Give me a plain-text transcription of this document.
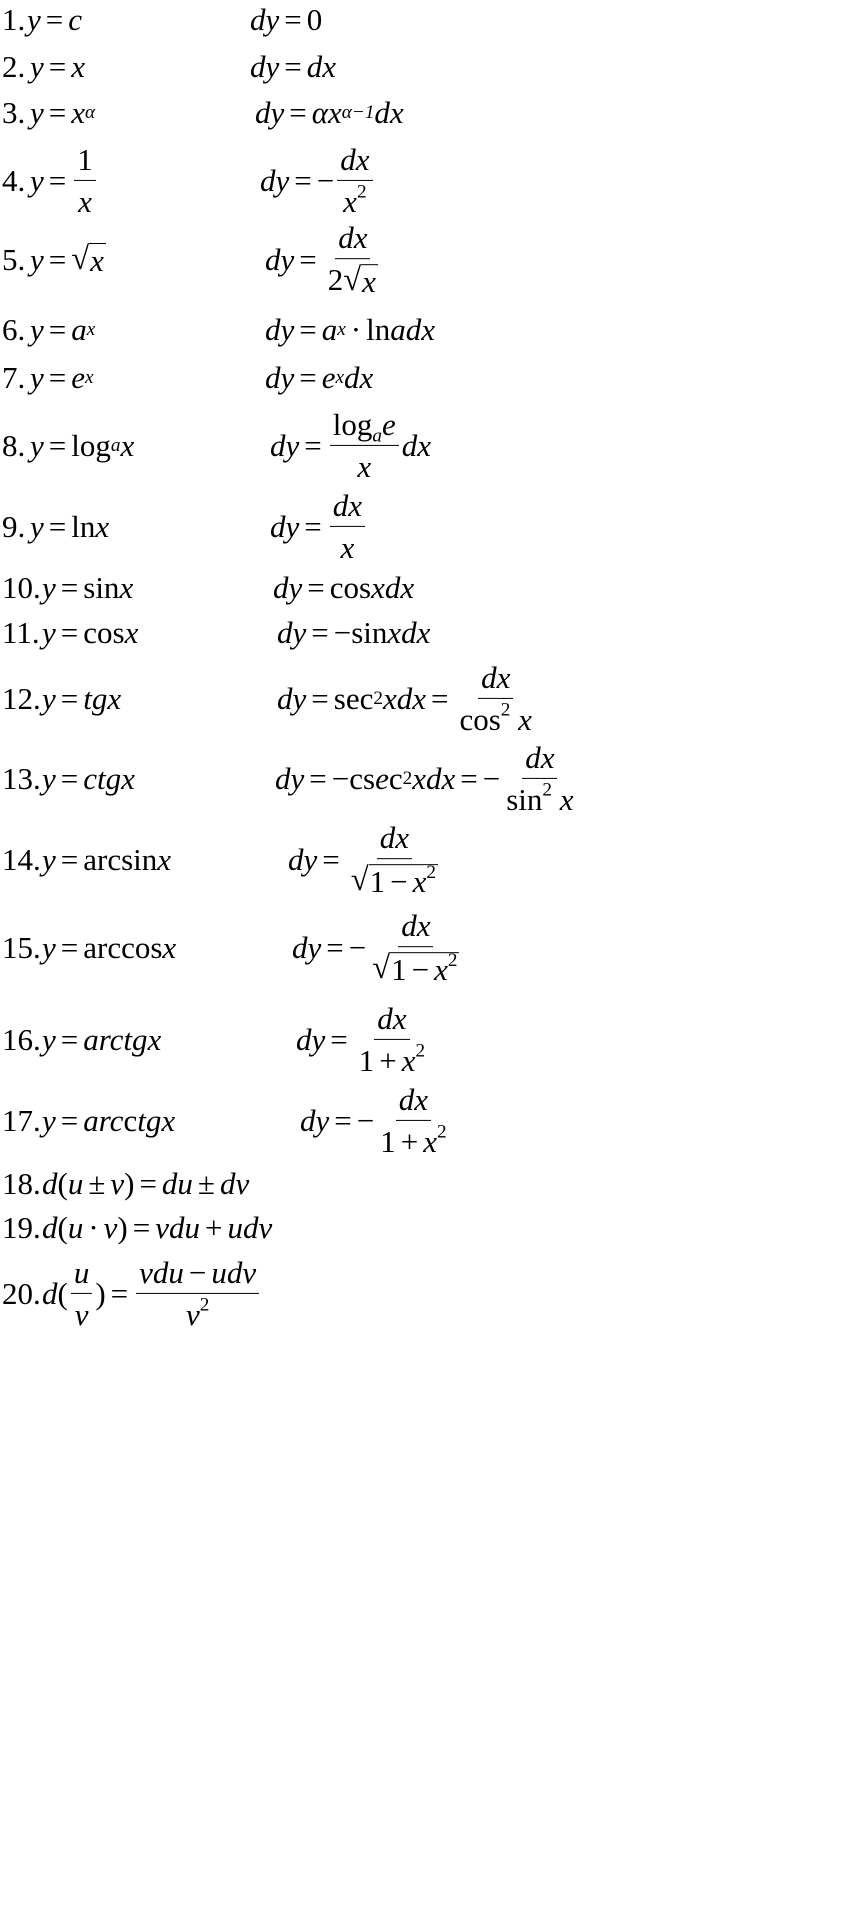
1. y = c	dy = 0
2. y = x	dy = dx
3. y = x α	dy = αx α−1 dx
4. $y = \frac{1}{x}$	dy = − $\frac{dx}{x^2}$
5. y = √ x	dy = $\frac{dx}{2 √ x}$
6. y = a x	dy = a x · ln adx
7. y = e x	dy = e x dx
8. y = log a x	dy = $\frac{\log_ae}{x}$ dx
9. y = ln x	dy = $\frac{dx}{x}$
10. y = sin x	dy = cos xdx
11. y = cos x	dy = − sin xdx
12. y = tgx	dy = sec 2 xdx = $\frac{dx}{\cos^2 x}$
13. y = ctgx	dy = − cs e c 2 xdx = − $\frac{dx}{\sin^2 x}$
14. y = arcsin x	dy = $\frac{dx}{√ 1 - x^2}$
15. y = arccos x	dy = − $\frac{dx}{√ 1 - x^2}$
16. y = arctgx	dy = $\frac{dx}{1 + x^2}$
17. y = arc c tgx	dy = − $\frac{dx}{1 + x^2}$
18. d ( u ± v ) = du ± dv
19. d ( u · v ) = vdu + udv
20. d ( $\frac{u}{v}$ ) = $\frac{\text{vdu − udv}}{v^2}$
